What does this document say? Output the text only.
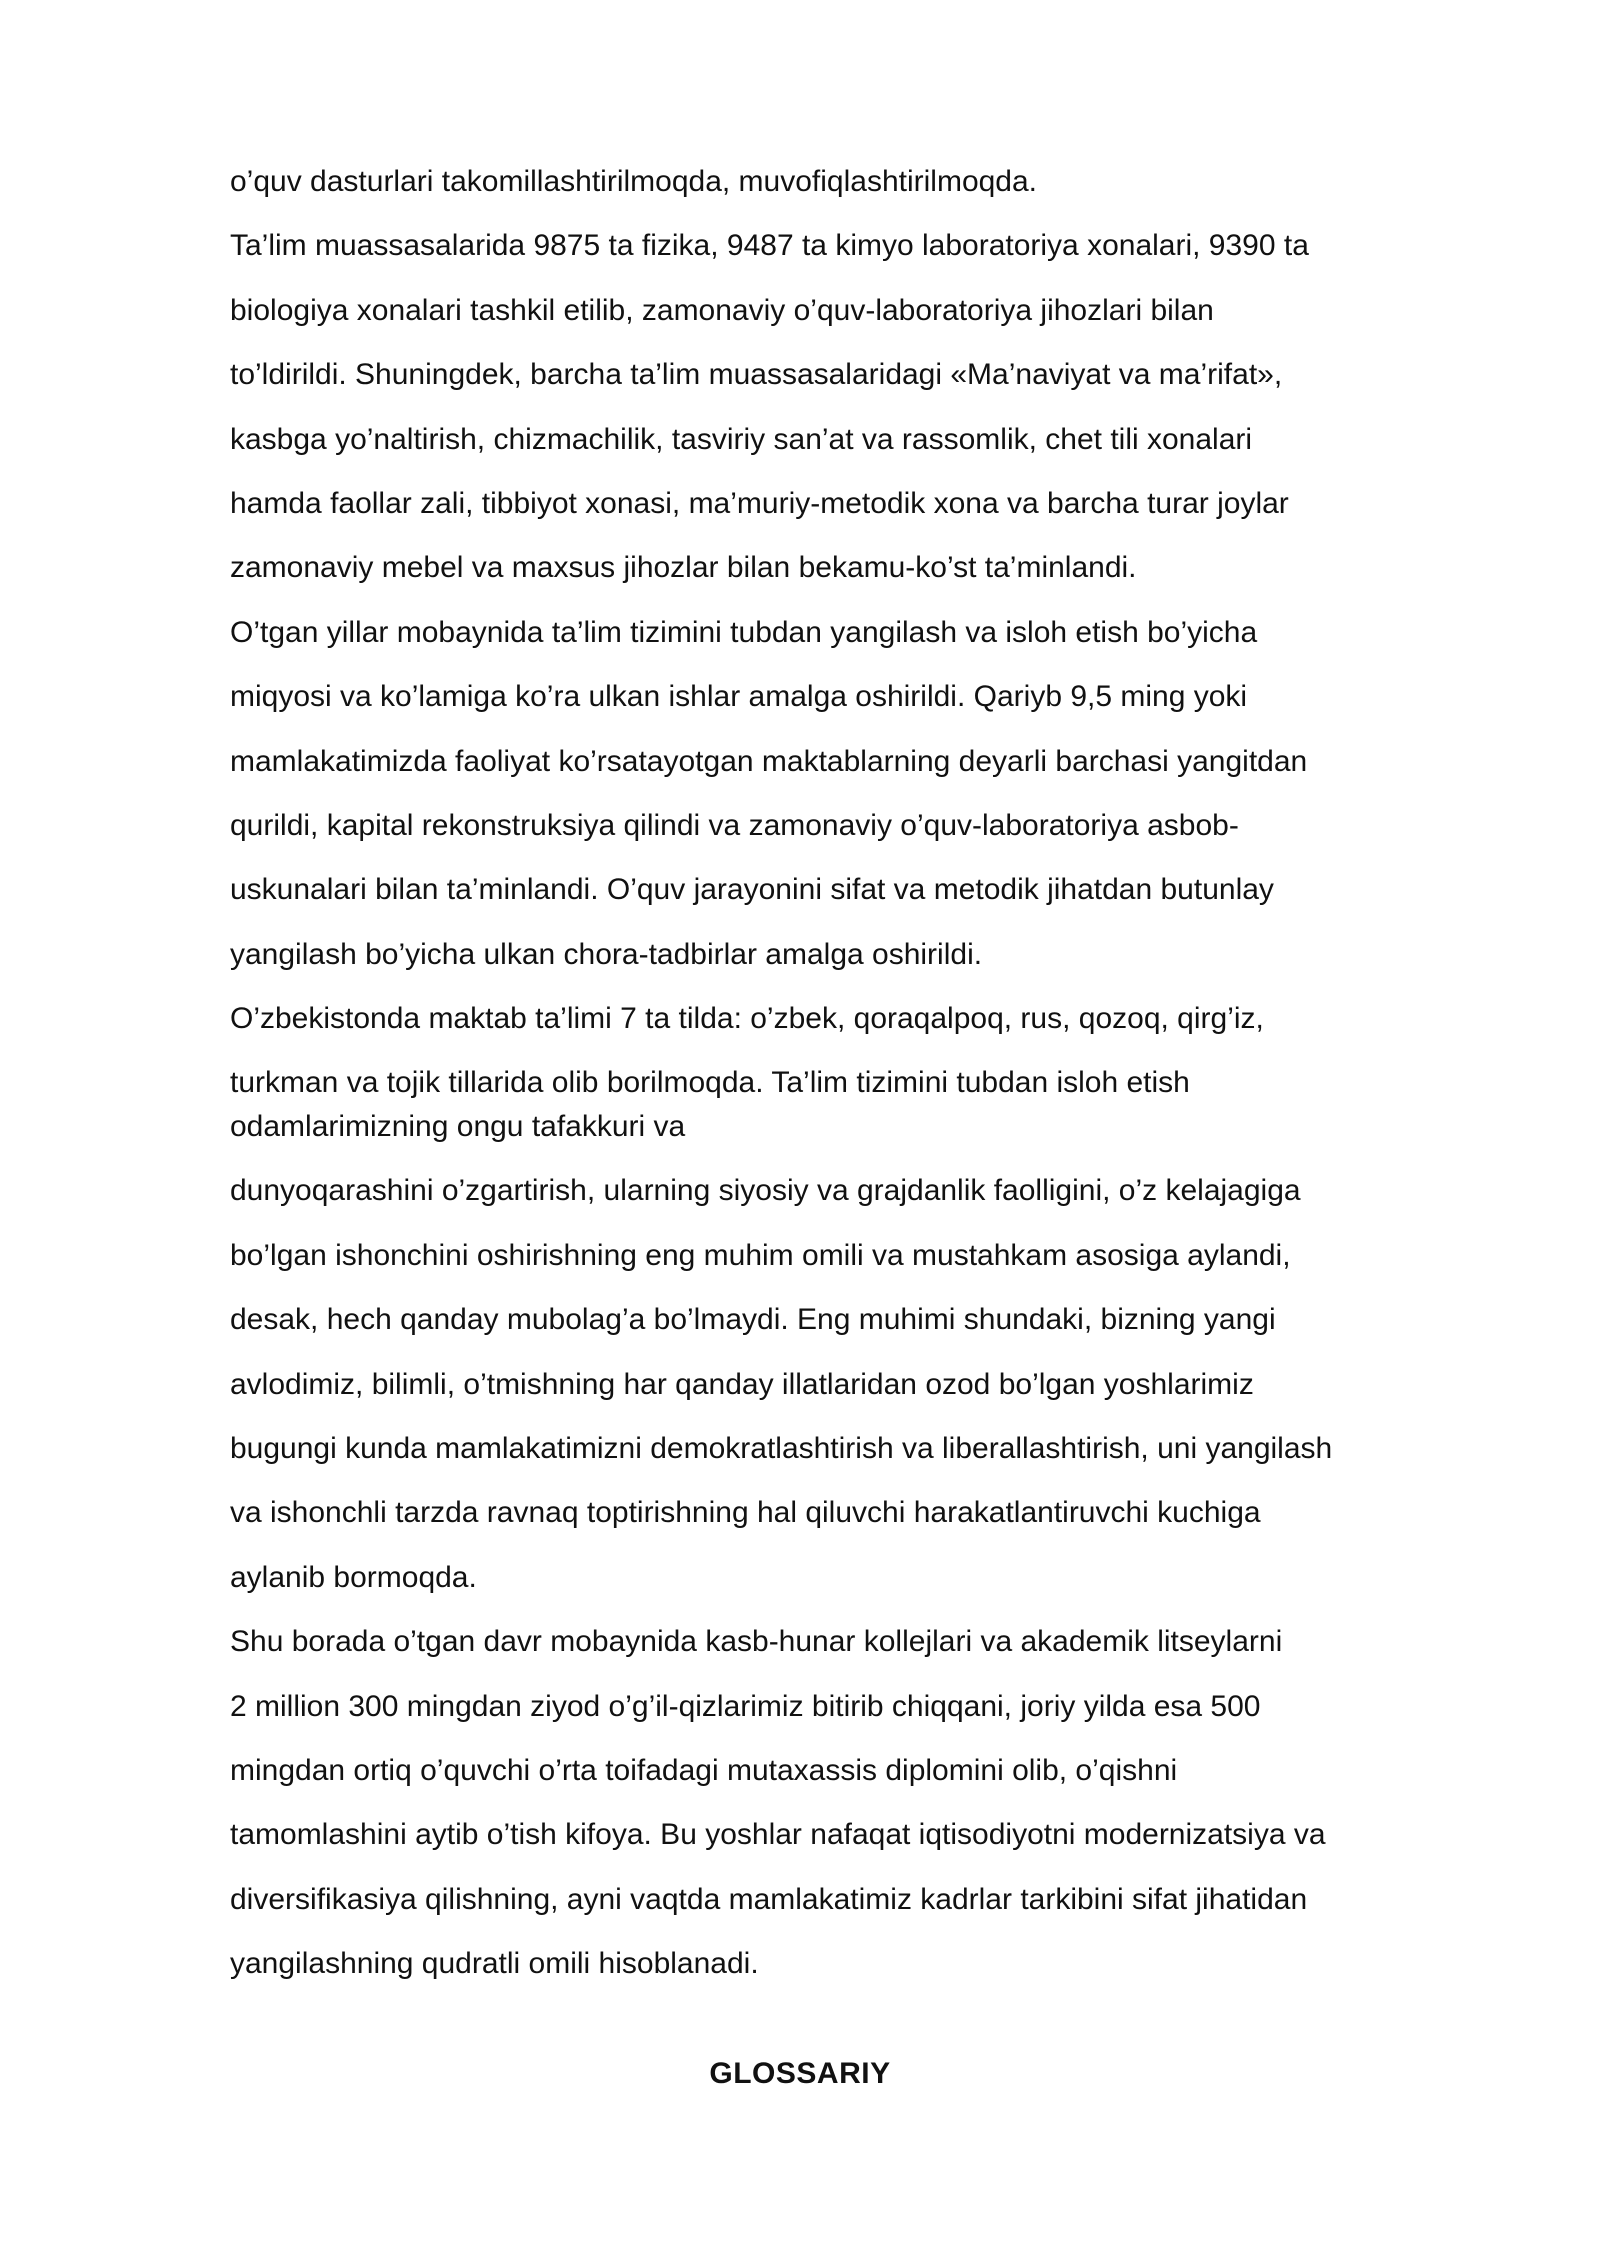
o’quv dasturlari takomillashtirilmoqda, muvofiqlashtirilmoqda.
Ta’lim muassasalarida 9875 ta fizika, 9487 ta kimyo laboratoriya xonalari, 9390 ta
biologiya xonalari tashkil etilib, zamonaviy o’quv-laboratoriya jihozlari bilan
to’ldirildi. Shuningdek, barcha ta’lim muassasalaridagi «Ma’naviyat va ma’rifat»,
kasbga yo’naltirish, chizmachilik, tasviriy san’at va rassomlik, chet tili xonalari
hamda faollar zali, tibbiyot xonasi, ma’muriy-metodik xona va barcha turar joylar
zamonaviy mebel va maxsus jihozlar bilan bekamu-ko’st ta’minlandi.
O’tgan yillar mobaynida ta’lim tizimini tubdan yangilash va isloh etish bo’yicha
miqyosi va ko’lamiga ko’ra ulkan ishlar amalga oshirildi. Qariyb 9,5 ming yoki
mamlakatimizda faoliyat ko’rsatayotgan maktablarning deyarli barchasi yangitdan
qurildi, kapital rekonstruksiya qilindi va zamonaviy o’quv-laboratoriya asbob-
uskunalari bilan ta’minlandi. O’quv jarayonini sifat va metodik jihatdan butunlay
yangilash bo’yicha ulkan chora-tadbirlar amalga oshirildi.
O’zbekistonda maktab ta’limi 7 ta tilda: o’zbek, qoraqalpoq, rus, qozoq, qirg’iz,
turkman va tojik tillarida olib borilmoqda. Ta’lim tizimini tubdan isloh etish
odamlarimizning ongu tafakkuri va
dunyoqarashini o’zgartirish, ularning siyosiy va grajdanlik faolligini, o’z kelajagiga
bo’lgan ishonchini oshirishning eng muhim omili va mustahkam asosiga aylandi,
desak, hech qanday mubolag’a bo’lmaydi. Eng muhimi shundaki, bizning yangi
avlodimiz, bilimli, o’tmishning har qanday illatlaridan ozod bo’lgan yoshlarimiz
bugungi kunda mamlakatimizni demokratlashtirish va liberallashtirish, uni yangilash
va ishonchli tarzda ravnaq toptirishning hal qiluvchi harakatlantiruvchi kuchiga
aylanib bormoqda.
Shu borada o’tgan davr mobaynida kasb-hunar kollejlari va akademik litseylarni
2 million 300 mingdan ziyod o’g’il-qizlarimiz bitirib chiqqani, joriy yilda esa 500
mingdan ortiq o’quvchi o’rta toifadagi mutaxassis diplomini olib, o’qishni
tamomlashini aytib o’tish kifoya. Bu yoshlar nafaqat iqtisodiyotni modernizatsiya va
diversifikasiya qilishning, ayni vaqtda mamlakatimiz kadrlar tarkibini sifat jihatidan
yangilashning qudratli omili hisoblanadi.
GLOSSARIY
